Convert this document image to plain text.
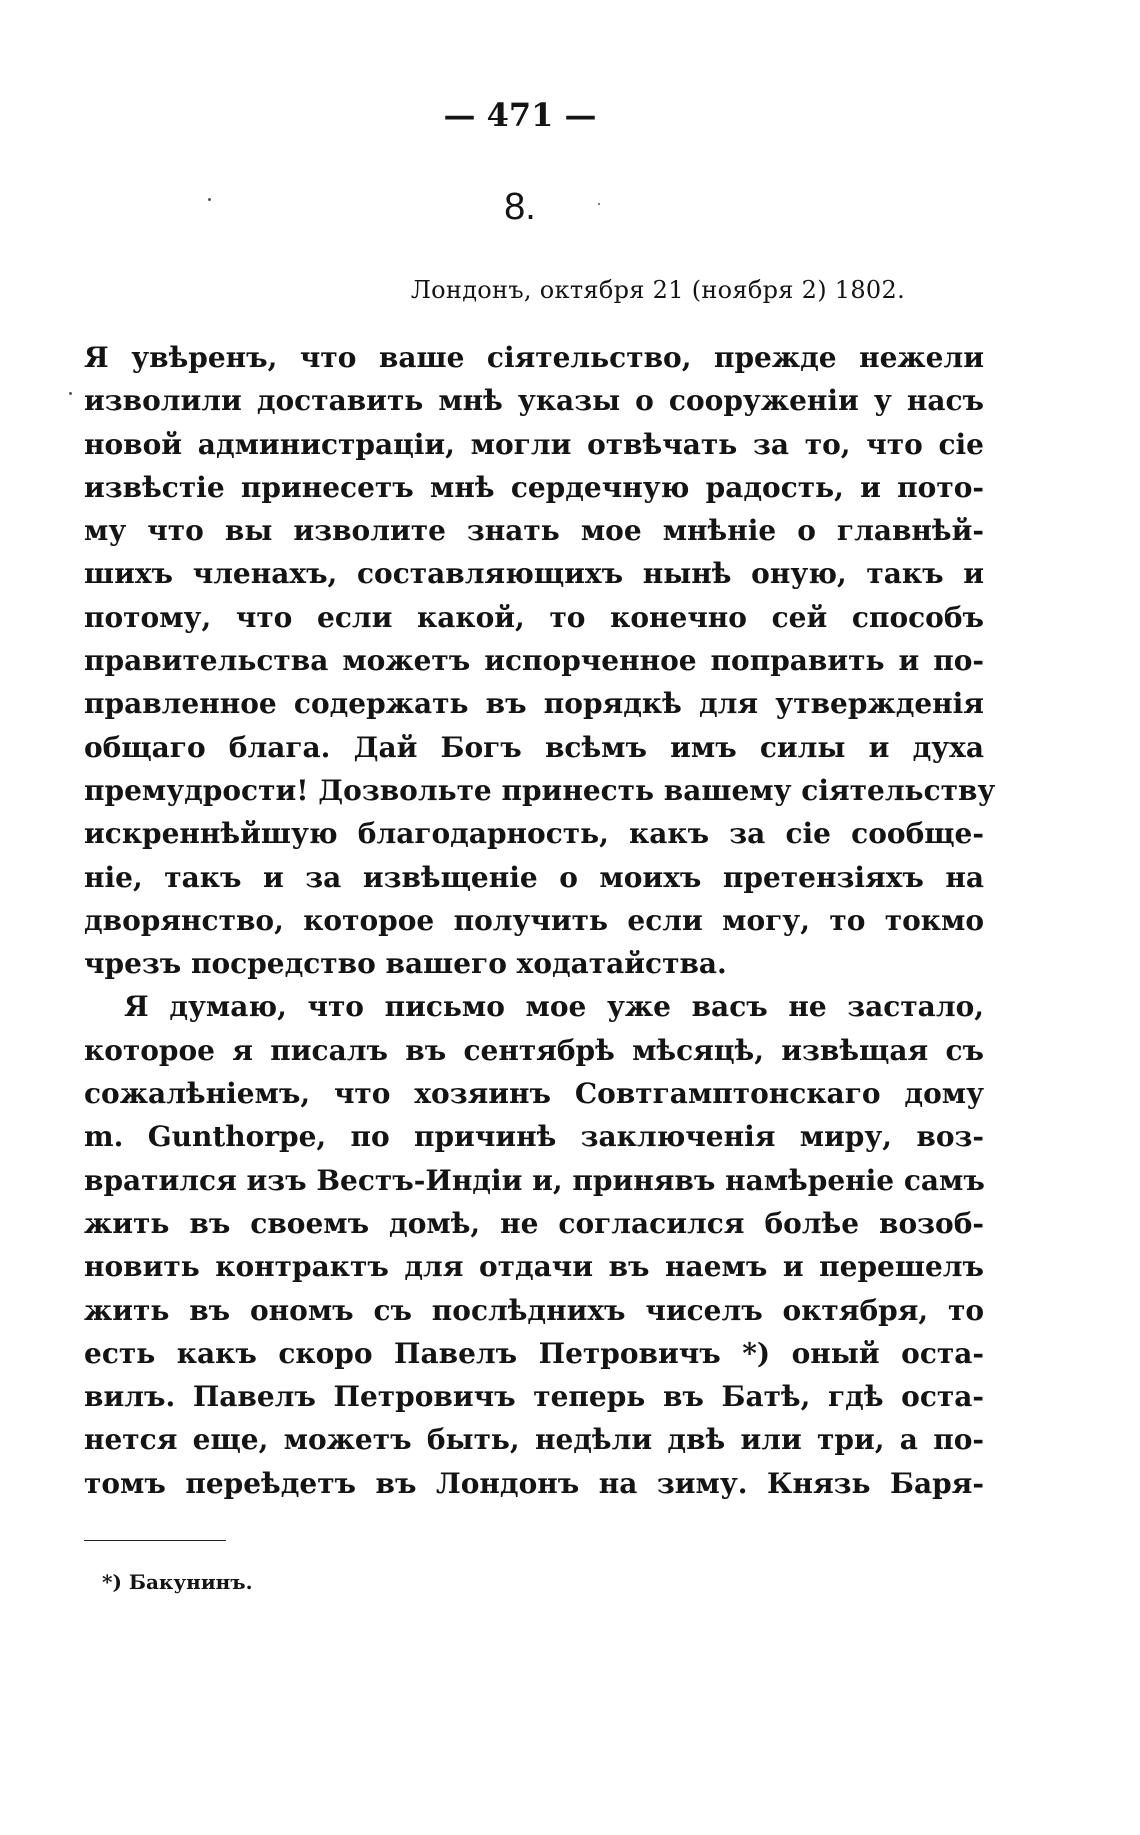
— 471 —
8.
Лондонъ, октября 21 (ноября 2) 1802.

Я увѣренъ, что ваше сіятельство, прежде нежели
изволили доставить мнѣ указы о сооруженіи у насъ
новой администраціи, могли отвѣчать за то, что сіе
извѣстіе принесетъ мнѣ сердечную радость, и пото-
му что вы изволите знать мое мнѣніе о главнѣй-
шихъ членахъ, составляющихъ нынѣ оную, такъ и
потому, что если какой, то конечно сей способъ
правительства можетъ испорченное поправить и по-
правленное содержать въ порядкѣ для утвержденія
общаго блага. Дай Богъ всѣмъ имъ силы и духа
премудрости! Дозвольте принесть вашему сіятельству
искреннѣйшую благодарность, какъ за сіе сообще-
ніе, такъ и за извѣщеніе о моихъ претензіяхъ на
дворянство, которое получить если могу, то токмо
чрезъ посредство вашего ходатайства.

Я думаю, что письмо мое уже васъ не застало,
которое я писалъ въ сентябрѣ мѣсяцѣ, извѣщая съ
сожалѣніемъ, что хозяинъ Совтгамптонскаго дому
m. Gunthorpe, по причинѣ заключенія миру, воз-
вратился изъ Вестъ-Индіи и, принявъ намѣреніе самъ
жить въ своемъ домѣ, не согласился болѣе возоб-
новить контрактъ для отдачи въ наемъ и перешелъ
жить въ ономъ съ послѣднихъ чиселъ октября, то
есть какъ скоро Павелъ Петровичъ *) оный оста-
вилъ. Павелъ Петровичъ теперь въ Батѣ, гдѣ оста-
нется еще, можетъ быть, недѣли двѣ или три, а по-
томъ переѣдетъ въ Лондонъ на зиму. Князь Баря-

*) Бакунинъ.
